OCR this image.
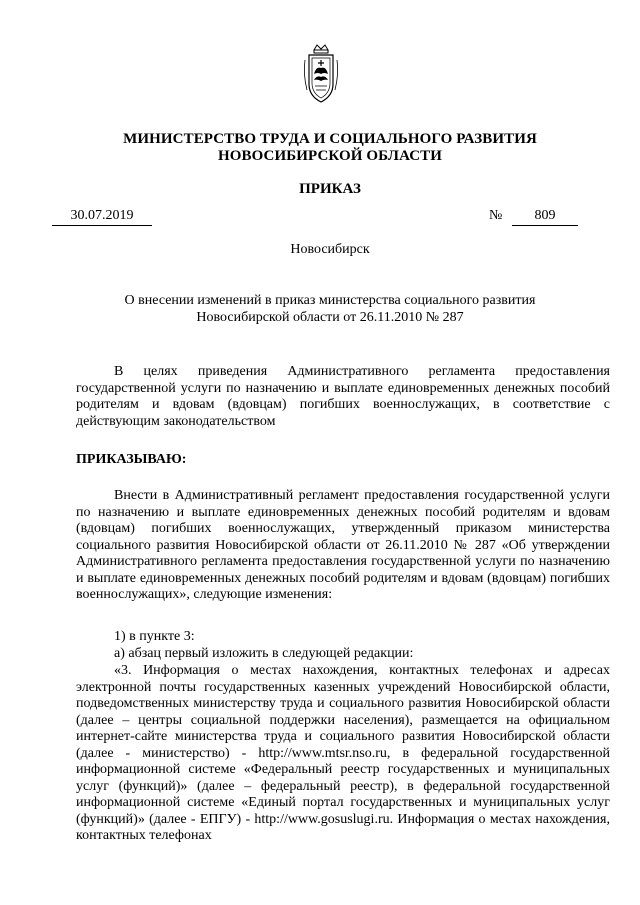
МИНИСТЕРСТВО ТРУДА И СОЦИАЛЬНОГО РАЗВИТИЯ
НОВОСИБИРСКОЙ ОБЛАСТИ
ПРИКАЗ
30.07.2019	№	809
Новосибирск
О внесении изменений в приказ министерства социального развития
Новосибирской области от 26.11.2010 № 287
В целях приведения Административного регламента предоставления государственной услуги по назначению и выплате единовременных денежных пособий родителям и вдовам (вдовцам) погибших военнослужащих, в соответствие с действующим законодательством
ПРИКАЗЫВАЮ:
Внести в Административный регламент предоставления государственной услуги по назначению и выплате единовременных денежных пособий родителям и вдовам (вдовцам) погибших военнослужащих, утвержденный приказом министерства социального развития Новосибирской области от 26.11.2010 № 287 «Об утверждении Административного регламента предоставления государственной услуги по назначению и выплате единовременных денежных пособий родителям и вдовам (вдовцам) погибших военнослужащих», следующие изменения:
1) в пункте 3:
а) абзац первый изложить в следующей редакции:
«3. Информация о местах нахождения, контактных телефонах и адресах электронной почты государственных казенных учреждений Новосибирской области, подведомственных министерству труда и социального развития Новосибирской области (далее – центры социальной поддержки населения), размещается на официальном интернет-сайте министерства труда и социального развития Новосибирской области (далее - министерство) - http://www.mtsr.nso.ru, в федеральной государственной информационной системе «Федеральный реестр государственных и муниципальных услуг (функций)» (далее – федеральный реестр), в федеральной государственной информационной системе «Единый портал государственных и муниципальных услуг (функций)» (далее - ЕПГУ) - http://www.gosuslugi.ru. Информация о местах нахождения, контактных телефонах
